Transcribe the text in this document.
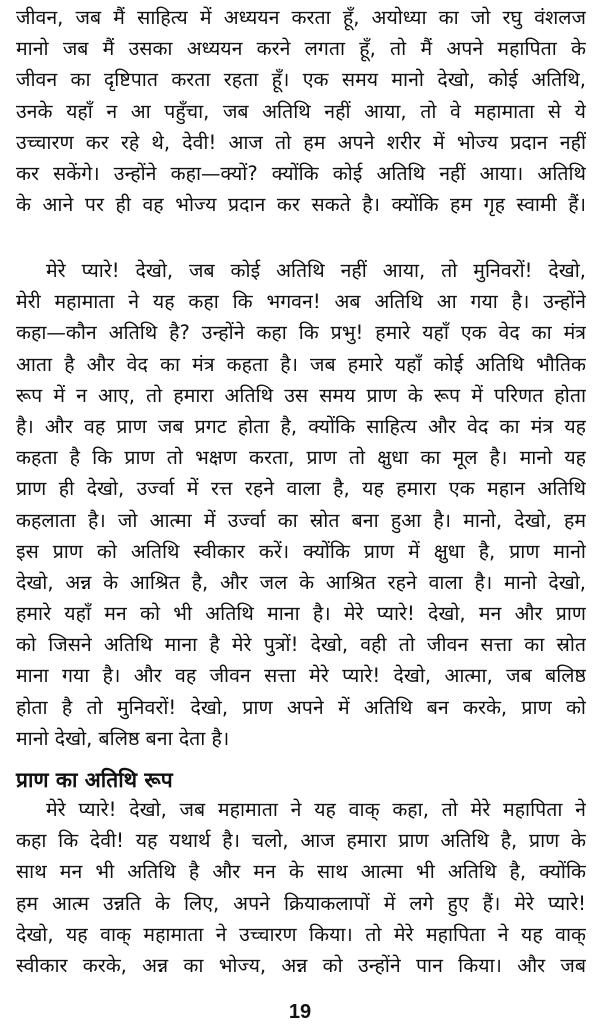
जीवन, जब मैं साहित्य में अध्ययन करता हूँ, अयोध्या का जो रघु वंशलज
मानो जब मैं उसका अध्ययन करने लगता हूँ, तो मैं अपने महापिता के
जीवन का दृष्टिपात करता रहता हूँ। एक समय मानो देखो, कोई अतिथि,
उनके यहाँ न आ पहुँचा, जब अतिथि नहीं आया, तो वे महामाता से ये
उच्चारण कर रहे थे, देवी! आज तो हम अपने शरीर में भोज्य प्रदान नहीं
कर सकेंगे। उन्होंने कहा—क्यों? क्योंकि कोई अतिथि नहीं आया। अतिथि
के आने पर ही वह भोज्य प्रदान कर सकते है। क्योंकि हम गृह स्वामी हैं।
मेरे प्यारे! देखो, जब कोई अतिथि नहीं आया, तो मुनिवरों! देखो,
मेरी महामाता ने यह कहा कि भगवन! अब अतिथि आ गया है। उन्होंने
कहा—कौन अतिथि है? उन्होंने कहा कि प्रभु! हमारे यहाँ एक वेद का मंत्र
आता है और वेद का मंत्र कहता है। जब हमारे यहाँ कोई अतिथि भौतिक
रूप में न आए, तो हमारा अतिथि उस समय प्राण के रूप में परिणत होता
है। और वह प्राण जब प्रगट होता है, क्योंकि साहित्य और वेद का मंत्र यह
कहता है कि प्राण तो भक्षण करता, प्राण तो क्षुधा का मूल है। मानो यह
प्राण ही देखो, उर्ज्वा में रत्त रहने वाला है, यह हमारा एक महान अतिथि
कहलाता है। जो आत्मा में उर्ज्वा का स्रोत बना हुआ है। मानो, देखो, हम
इस प्राण को अतिथि स्वीकार करें। क्योंकि प्राण में क्षुधा है, प्राण मानो
देखो, अन्न के आश्रित है, और जल के आश्रित रहने वाला है। मानो देखो,
हमारे यहाँ मन को भी अतिथि माना है। मेरे प्यारे! देखो, मन और प्राण
को जिसने अतिथि माना है मेरे पुत्रों! देखो, वही तो जीवन सत्ता का स्रोत
माना गया है। और वह जीवन सत्ता मेरे प्यारे! देखो, आत्मा, जब बलिष्ठ
होता है तो मुनिवरों! देखो, प्राण अपने में अतिथि बन करके, प्राण को
मानो देखो, बलिष्ठ बना देता है।
प्राण का अतिथि रूप
मेरे प्यारे! देखो, जब महामाता ने यह वाक् कहा, तो मेरे महापिता ने
कहा कि देवी! यह यथार्थ है। चलो, आज हमारा प्राण अतिथि है, प्राण के
साथ मन भी अतिथि है और मन के साथ आत्मा भी अतिथि है, क्योंकि
हम आत्म उन्नति के लिए, अपने क्रियाकलापों में लगे हुए हैं। मेरे प्यारे!
देखो, यह वाक् महामाता ने उच्चारण किया। तो मेरे महापिता ने यह वाक्
स्वीकार करके, अन्न का भोज्य, अन्न को उन्होंने पान किया। और जब
19
